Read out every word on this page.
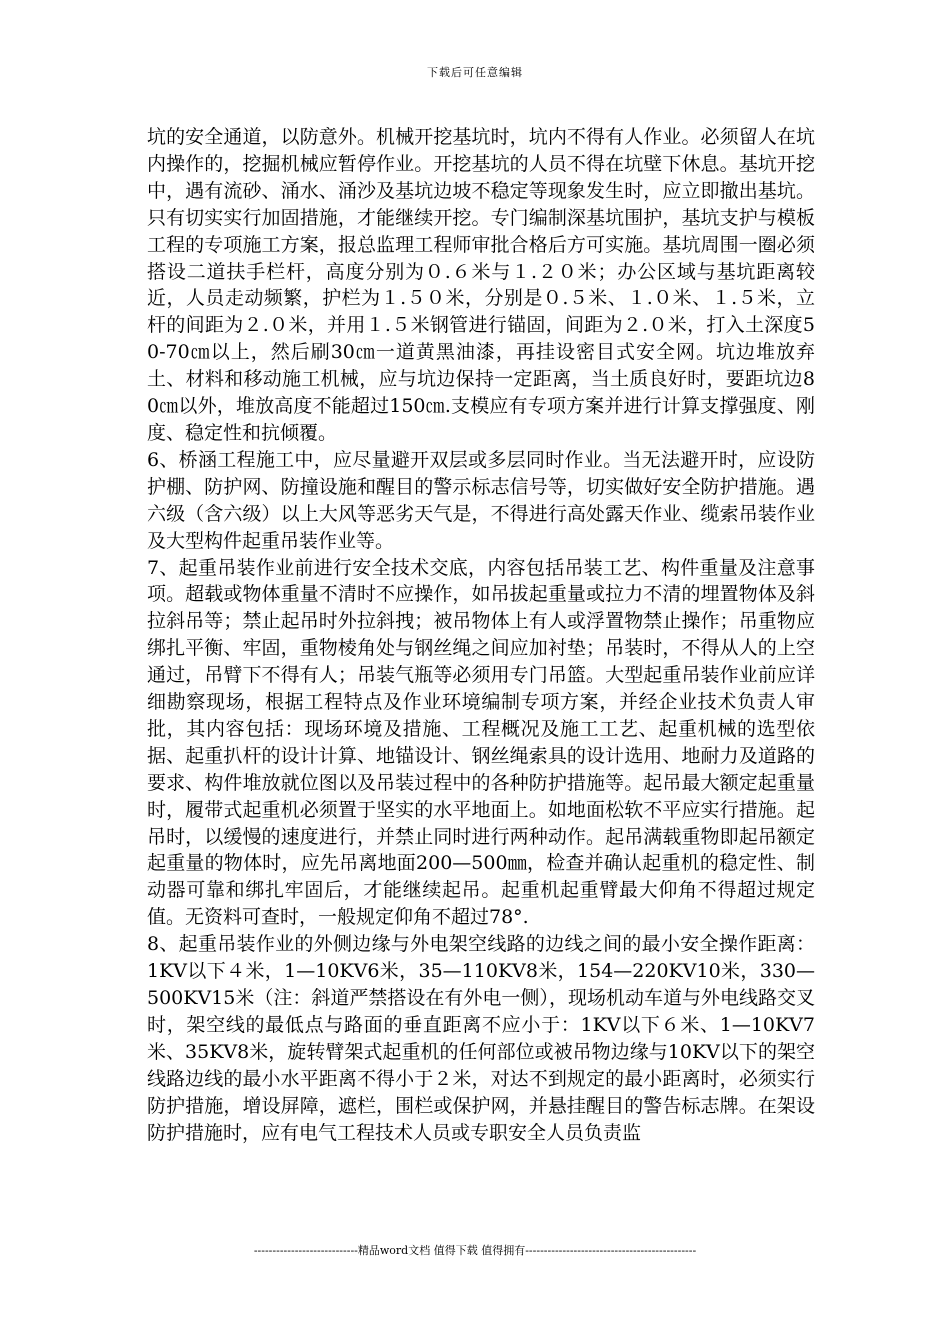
下载后可任意编辑

坑的安全通道，以防意外。机械开挖基坑时，坑内不得有人作业。必须留人在坑内操作的，挖掘机械应暂停作业。开挖基坑的人员不得在坑壁下休息。基坑开挖中，遇有流砂、涌水、涌沙及基坑边坡不稳定等现象发生时，应立即撤出基坑。只有切实实行加固措施，才能继续开挖。专门编制深基坑围护，基坑支护与模板工程的专项施工方案，报总监理工程师审批合格后方可实施。基坑周围一圈必须搭设二道扶手栏杆，高度分别为０.６米与１.２０米；办公区域与基坑距离较近，人员走动频繁，护栏为１.５０米，分别是０.５米、１.０米、１.５米，立杆的间距为２.０米，并用１.５米钢管进行锚固，间距为２.０米，打入土深度50-70㎝以上，然后刷30㎝一道黄黑油漆，再挂设密目式安全网。坑边堆放弃土、材料和移动施工机械，应与坑边保持一定距离，当土质良好时，要距坑边80㎝以外，堆放高度不能超过150㎝.支模应有专项方案并进行计算支撑强度、刚度、稳定性和抗倾覆。

6、桥涵工程施工中，应尽量避开双层或多层同时作业。当无法避开时，应设防护棚、防护网、防撞设施和醒目的警示标志信号等，切实做好安全防护措施。遇六级（含六级）以上大风等恶劣天气是，不得进行高处露天作业、缆索吊装作业及大型构件起重吊装作业等。

7、起重吊装作业前进行安全技术交底，内容包括吊装工艺、构件重量及注意事项。超载或物体重量不清时不应操作，如吊拔起重量或拉力不清的埋置物体及斜拉斜吊等；禁止起吊时外拉斜拽；被吊物体上有人或浮置物禁止操作；吊重物应绑扎平衡、牢固，重物棱角处与钢丝绳之间应加衬垫；吊装时，不得从人的上空通过，吊臂下不得有人；吊装气瓶等必须用专门吊篮。大型起重吊装作业前应详细勘察现场，根据工程特点及作业环境编制专项方案，并经企业技术负责人审批，其内容包括：现场环境及措施、工程概况及施工工艺、起重机械的选型依据、起重扒杆的设计计算、地锚设计、钢丝绳索具的设计选用、地耐力及道路的要求、构件堆放就位图以及吊装过程中的各种防护措施等。起吊最大额定起重量时，履带式起重机必须置于坚实的水平地面上。如地面松软不平应实行措施。起吊时，以缓慢的速度进行，并禁止同时进行两种动作。起吊满载重物即起吊额定起重量的物体时，应先吊离地面200—500㎜，检查并确认起重机的稳定性、制动器可靠和绑扎牢固后，才能继续起吊。起重机起重臂最大仰角不得超过规定值。无资料可查时，一般规定仰角不超过78°.

8、起重吊装作业的外侧边缘与外电架空线路的边线之间的最小安全操作距离：1KV以下４米，1—10KV6米，35—110KV8米，154—220KV10米，330—500KV15米（注：斜道严禁搭设在有外电一侧），现场机动车道与外电线路交叉时，架空线的最低点与路面的垂直距离不应小于：1KV以下６米、1—10KV7米、35KV8米，旋转臂架式起重机的任何部位或被吊物边缘与10KV以下的架空线路边线的最小水平距离不得小于２米，对达不到规定的最小距离时，必须实行防护措施，增设屏障，遮栏，围栏或保护网，并悬挂醒目的警告标志牌。在架设防护措施时，应有电气工程技术人员或专职安全人员负责监

----------------------------精品word文档 值得下载 值得拥有----------------------------------------------
